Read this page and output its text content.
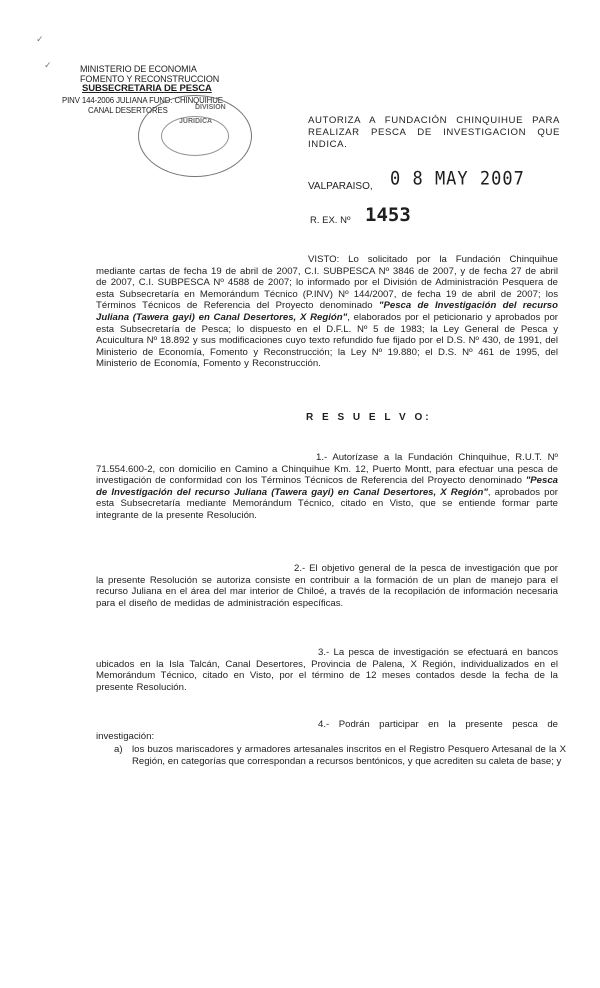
MINISTERIO DE ECONOMIA
FOMENTO Y RECONSTRUCCION
SUBSECRETARIA DE PESCA
PINV 144-2006 JULIANA FUND. CHINQUIHUE
CANAL DESERTORES	DIVISION
JURIDICA	AUTORIZA A FUNDACIÓN CHINQUIHUE PARA REALIZAR PESCA DE INVESTIGACION QUE INDICA.
VALPARAISO, 0 8 MAY 2007
R. EX. Nº 1453
VISTO: Lo solicitado por la Fundación Chinquihue mediante cartas de fecha 19 de abril de 2007, C.I. SUBPESCA Nº 3846 de 2007, y de fecha 27 de abril de 2007, C.I. SUBPESCA Nº 4588 de 2007; lo informado por el División de Administración Pesquera de esta Subsecretaría en Memorándum Técnico (P.INV) Nº 144/2007, de fecha 19 de abril de 2007; los Términos Técnicos de Referencia del Proyecto denominado "Pesca de Investigación del recurso Juliana (Tawera gayi) en Canal Desertores, X Región", elaborados por el peticionario y aprobados por esta Subsecretaría de Pesca; lo dispuesto en el D.F.L. Nº 5 de 1983; la Ley General de Pesca y Acuicultura Nº 18.892 y sus modificaciones cuyo texto refundido fue fijado por el D.S. Nº 430, de 1991, del Ministerio de Economía, Fomento y Reconstrucción; la Ley Nº 19.880; el D.S. Nº 461 de 1995, del Ministerio de Economía, Fomento y Reconstrucción.
R E S U E L V O:
1.- Autorízase a la Fundación Chinquihue, R.U.T. Nº 71.554.600-2, con domicilio en Camino a Chinquihue Km. 12, Puerto Montt, para efectuar una pesca de investigación de conformidad con los Términos Técnicos de Referencia del Proyecto denominado "Pesca de Investigación del recurso Juliana (Tawera gayi) en Canal Desertores, X Región", aprobados por esta Subsecretaría mediante Memorándum Técnico, citado en Visto, que se entiende formar parte integrante de la presente Resolución.
2.- El objetivo general de la pesca de investigación que por la presente Resolución se autoriza consiste en contribuir a la formación de un plan de manejo para el recurso Juliana en el área del mar interior de Chiloé, a través de la recopilación de información necesaria para el diseño de medidas de administración específicas.
3.- La pesca de investigación se efectuará en bancos ubicados en la Isla Talcán, Canal Desertores, Provincia de Palena, X Región, individualizados en el Memorándum Técnico, citado en Visto, por el término de 12 meses contados desde la fecha de la presente Resolución.
4.- Podrán participar en la presente pesca de investigación:
a) los buzos mariscadores y armadores artesanales inscritos en el Registro Pesquero Artesanal de la X Región, en categorías que correspondan a recursos bentónicos, y que acrediten su caleta de base; y
✓
✓
